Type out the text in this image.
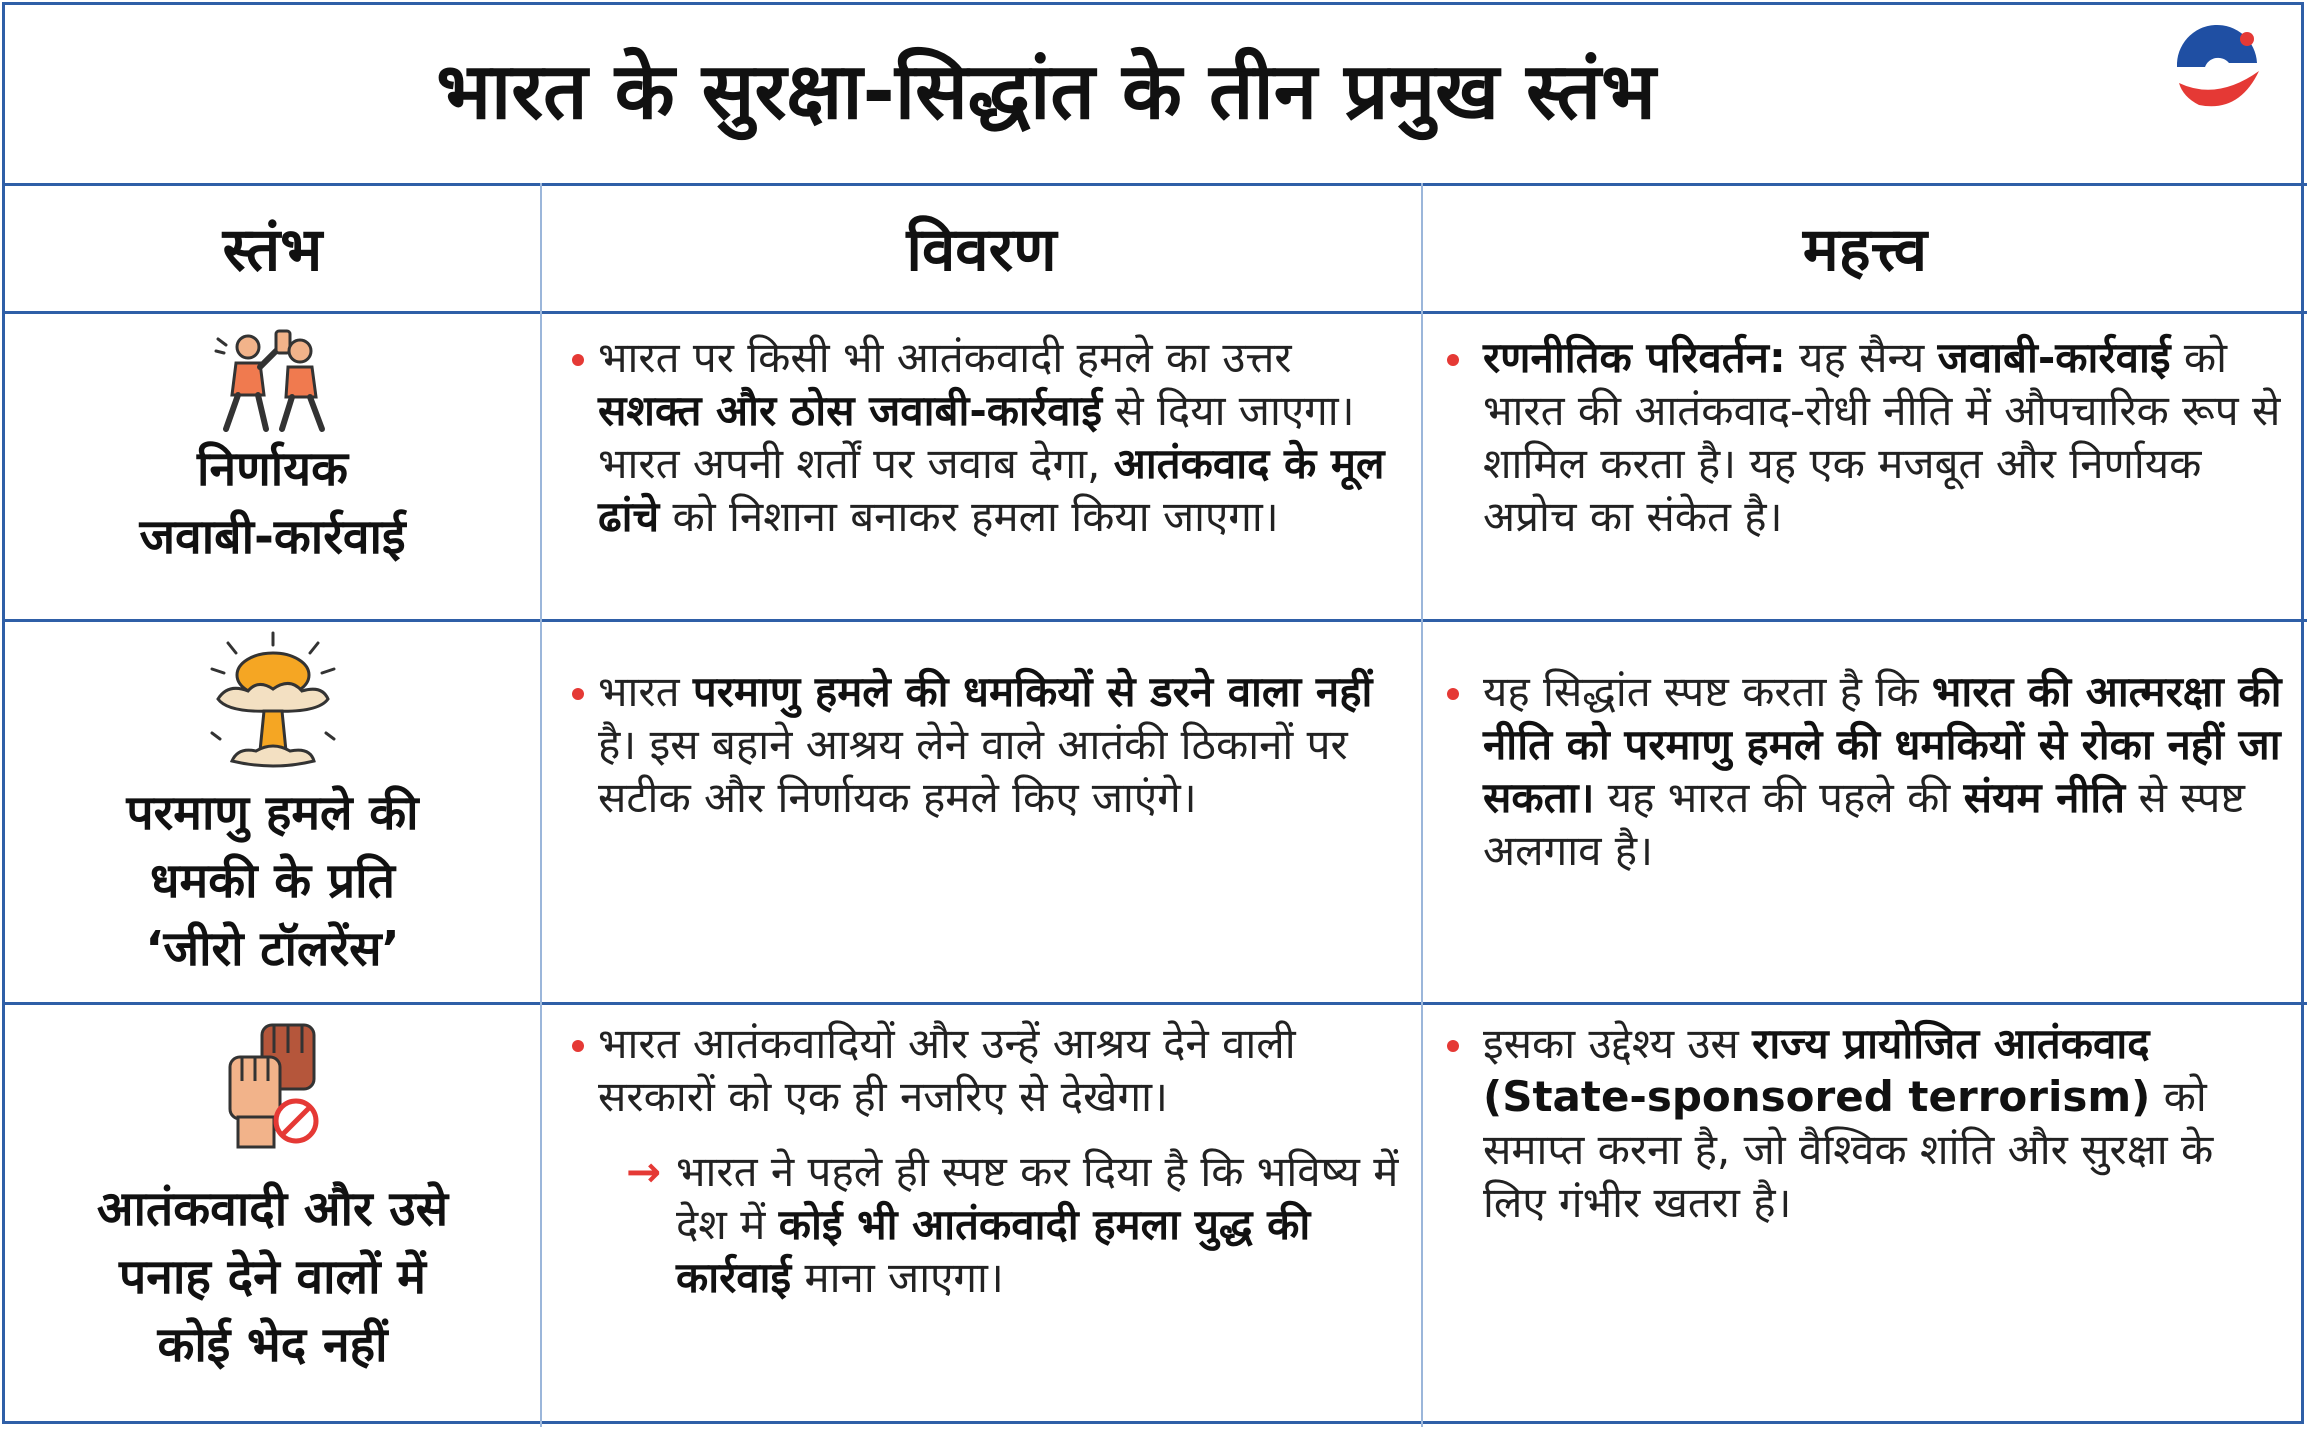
भारत के सुरक्षा-सिद्धांत के तीन प्रमुख स्तंभ
स्तंभ	विवरण	महत्त्व
निर्णायक
जवाबी-कार्रवाई
भारत पर किसी भी आतंकवादी हमले का उत्तर सशक्त और ठोस जवाबी-कार्रवाई से दिया जाएगा। भारत अपनी शर्तों पर जवाब देगा, आतंकवाद के मूल ढांचे को निशाना बनाकर हमला किया जाएगा।
रणनीतिक परिवर्तन: यह सैन्य जवाबी-कार्रवाई को भारत की आतंकवाद-रोधी नीति में औपचारिक रूप से शामिल करता है। यह एक मजबूत और निर्णायक अप्रोच का संकेत है।
परमाणु हमले की
धमकी के प्रति
‘जीरो टॉलरेंस’
भारत परमाणु हमले की धमकियों से डरने वाला नहीं है। इस बहाने आश्रय लेने वाले आतंकी ठिकानों पर सटीक और निर्णायक हमले किए जाएंगे।
यह सिद्धांत स्पष्ट करता है कि भारत की आत्मरक्षा की नीति को परमाणु हमले की धमकियों से रोका नहीं जा सकता। यह भारत की पहले की संयम नीति से स्पष्ट अलगाव है।
आतंकवादी और उसे
पनाह देने वालों में
कोई भेद नहीं
भारत आतंकवादियों और उन्हें आश्रय देने वाली सरकारों को एक ही नजरिए से देखेगा।
→ भारत ने पहले ही स्पष्ट कर दिया है कि भविष्य में देश में कोई भी आतंकवादी हमला युद्ध की कार्रवाई माना जाएगा।
इसका उद्देश्य उस राज्य प्रायोजित आतंकवाद (State-sponsored terrorism) को समाप्त करना है, जो वैश्विक शांति और सुरक्षा के लिए गंभीर खतरा है।
